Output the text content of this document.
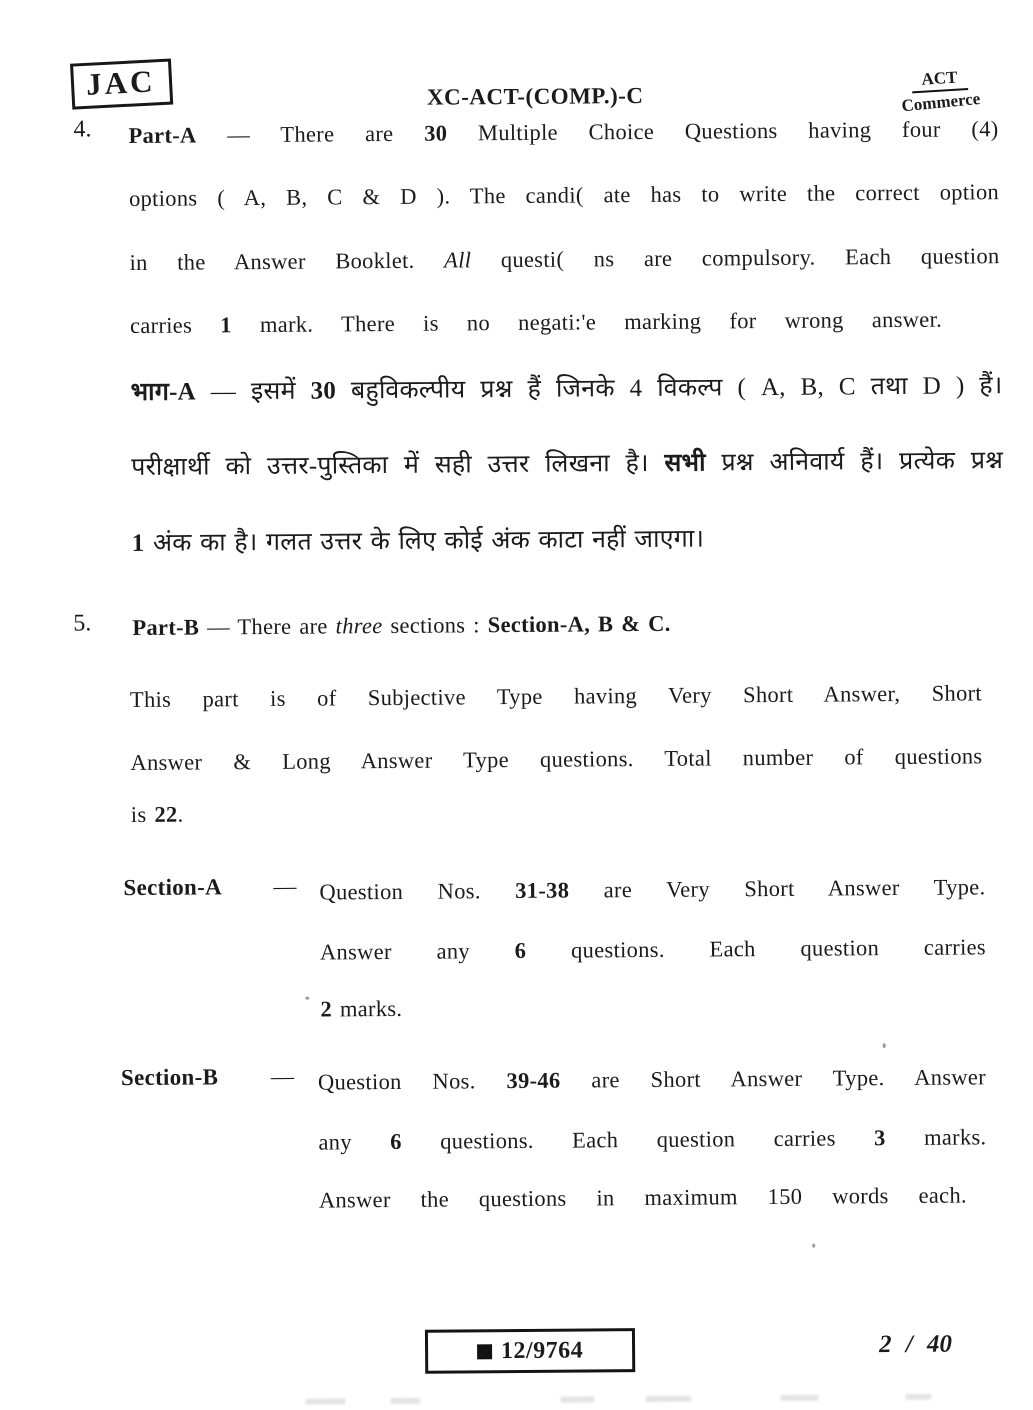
JAC	XC-ACT-(COMP.)-C
ACT
Commerce
4. Part-A — There are 30 Multiple Choice Questions having four (4)
options ( A, B, C & D ). The candi( ate has to write the correct option
in the Answer Booklet. All questi( ns are compulsory. Each question
carries 1 mark. There is no negati:'e marking for wrong answer.
भाग-A — इसमें 30 बहुविकल्पीय प्रश्न हैं जिनके 4 विकल्प ( A, B, C तथा D ) हैं।
परीक्षार्थी को उत्तर-पुस्तिका में सही उत्तर लिखना है। सभी प्रश्न अनिवार्य हैं। प्रत्येक प्रश्न
1 अंक का है। गलत उत्तर के लिए कोई अंक काटा नहीं जाएगा।
5. Part-B — There are three sections : Section-A, B & C.
This part is of Subjective Type having Very Short Answer, Short
Answer & Long Answer Type questions. Total number of questions
is 22.
Section-A — Question Nos. 31-38 are Very Short Answer Type.
Answer any 6 questions. Each question carries
2 marks.
Section-B — Question Nos. 39-46 are Short Answer Type. Answer
any 6 questions. Each question carries 3 marks.
Answer the questions in maximum 150 words each.
12/9764	2 / 40
